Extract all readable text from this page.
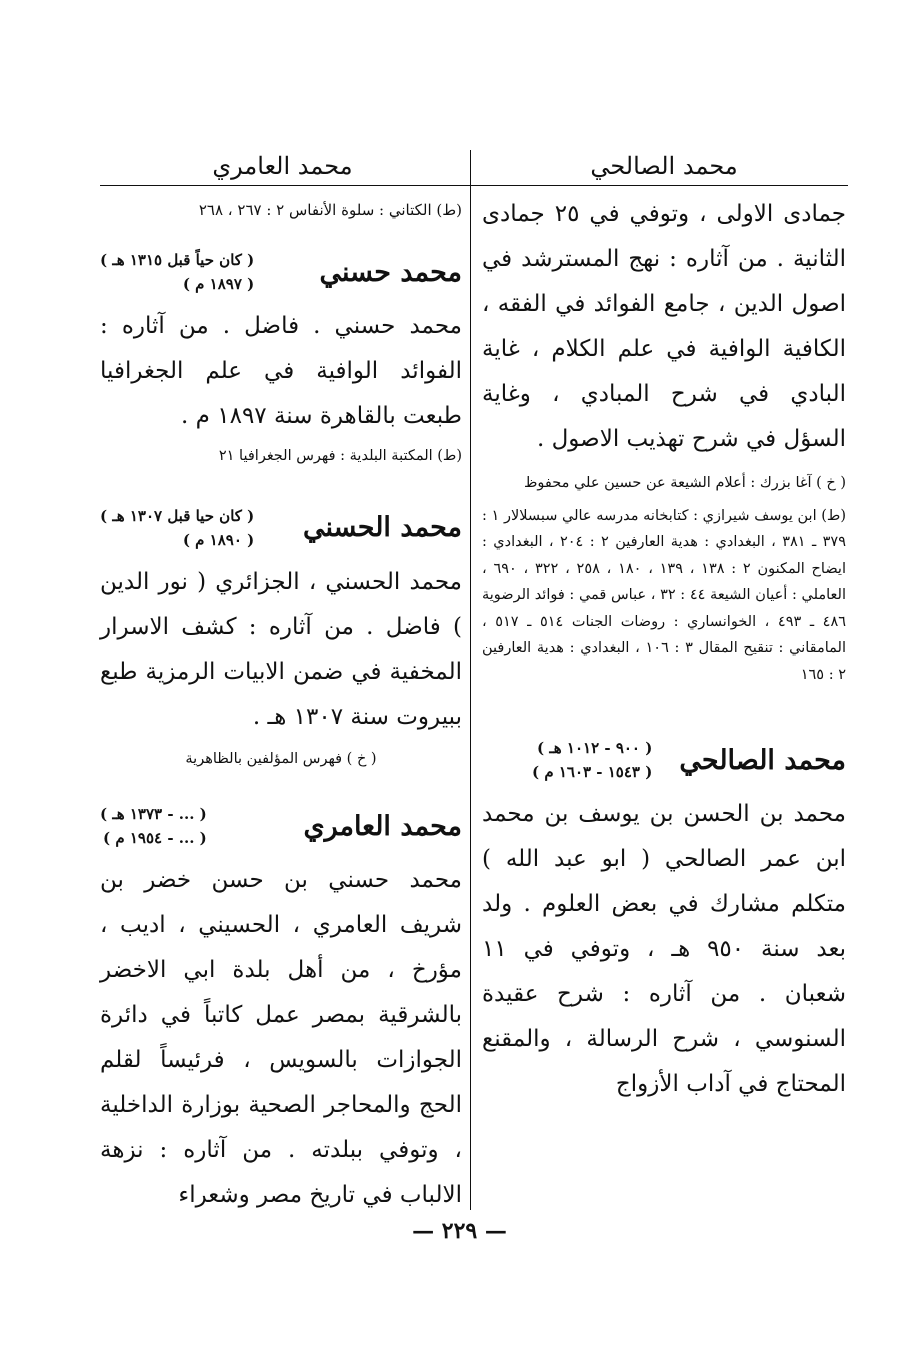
محمد الصالحي
محمد العامري

جمادى الاولى ، وتوفي في ٢٥ جمادى الثانية . من آثاره : نهج المسترشد في اصول الدين ، جامع الفوائد في الفقه ، الكافية الوافية في علم الكلام ، غاية البادي في شرح المبادي ، وغاية السؤل في شرح تهذيب الاصول .

( خ ) آغا بزرك : أعلام الشيعة عن حسين علي محفوظ

(ط) ابن يوسف شيرازي : كتابخانه مدرسه عالي سبسلالار ١ : ٣٧٩ ـ ٣٨١ ، البغدادي : هدية العارفين ٢ : ٢٠٤ ، البغدادي : ايضاح المكنون ٢ : ١٣٨ ، ١٣٩ ، ١٨٠ ، ٢٥٨ ، ٣٢٢ ، ٦٩٠ ، العاملي : أعيان الشيعة ٤٤ : ٣٢ ، عباس قمي : فوائد الرضوية ٤٨٦ ـ ٤٩٣ ، الخوانساري : روضات الجنات ٥١٤ ـ ٥١٧ ، المامقاني : تنقيح المقال ٣ : ١٠٦ ، البغدادي : هدية العارفين ٢ : ١٦٥

محمد الصالحي
( ٩٠٠ - ١٠١٢ هـ )
( ١٥٤٣ - ١٦٠٣ م )

محمد بن الحسن بن يوسف بن محمد ابن عمر الصالحي ( ابو عبد الله ) متكلم مشارك في بعض العلوم . ولد بعد سنة ٩٥٠ هـ ، وتوفي في ١١ شعبان . من آثاره : شرح عقيدة السنوسي ، شرح الرسالة ، والمقنع المحتاج في آداب الأزواج

(ط) الكتاني : سلوة الأنفاس ٢ : ٢٦٧ ، ٢٦٨

محمد حسني
( كان حياً قبل ١٣١٥ هـ )
( ١٨٩٧ م )

محمد حسني . فاضل . من آثاره : الفوائد الوافية في علم الجغرافيا طبعت بالقاهرة سنة ١٨٩٧ م .

(ط) المكتبة البلدية : فهرس الجغرافيا ٢١

محمد الحسني
( كان حيا قبل ١٣٠٧ هـ )
( ١٨٩٠ م )

محمد الحسني ، الجزائري ( نور الدين ) فاضل . من آثاره : كشف الاسرار المخفية في ضمن الابيات الرمزية طبع ببيروت سنة ١٣٠٧ هـ .

( خ ) فهرس المؤلفين بالظاهرية

محمد العامري
( ... - ١٣٧٣ هـ )
( ... - ١٩٥٤ م )

محمد حسني بن حسن خضر بن شريف العامري ، الحسيني ، اديب ، مؤرخ ، من أهل بلدة ابي الاخضر بالشرقية بمصر عمل كاتباً في دائرة الجوازات بالسويس ، فرئيساً لقلم الحج والمحاجر الصحية بوزارة الداخلية ، وتوفي ببلدته . من آثاره : نزهة الالباب في تاريخ مصر وشعراء

— ٢٢٩ —
